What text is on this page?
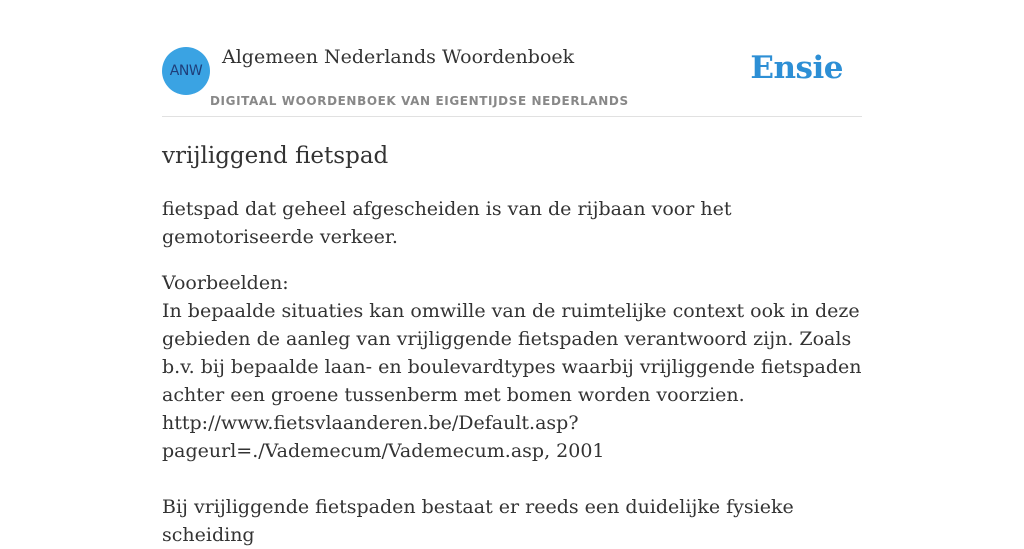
ANW
Algemeen Nederlands Woordenboek
DIGITAAL WOORDENBOEK VAN EIGENTIJDSE NEDERLANDS
Ensie
vrijliggend fietspad

fietspad dat geheel afgescheiden is van de rijbaan voor het gemotoriseerde verkeer.

Voorbeelden:
In bepaalde situaties kan omwille van de ruimtelijke context ook in deze gebieden de aanleg van vrijliggende fietspaden verantwoord zijn. Zoals b.v. bij bepaalde laan- en boulevardtypes waarbij vrijliggende fietspaden achter een groene tussenberm met bomen worden voorzien.
http://www.fietsvlaanderen.be/Default.asp?
pageurl=./Vademecum/Vademecum.asp, 2001
Bij vrijliggende fietspaden bestaat er reeds een duidelijke fysieke scheiding
